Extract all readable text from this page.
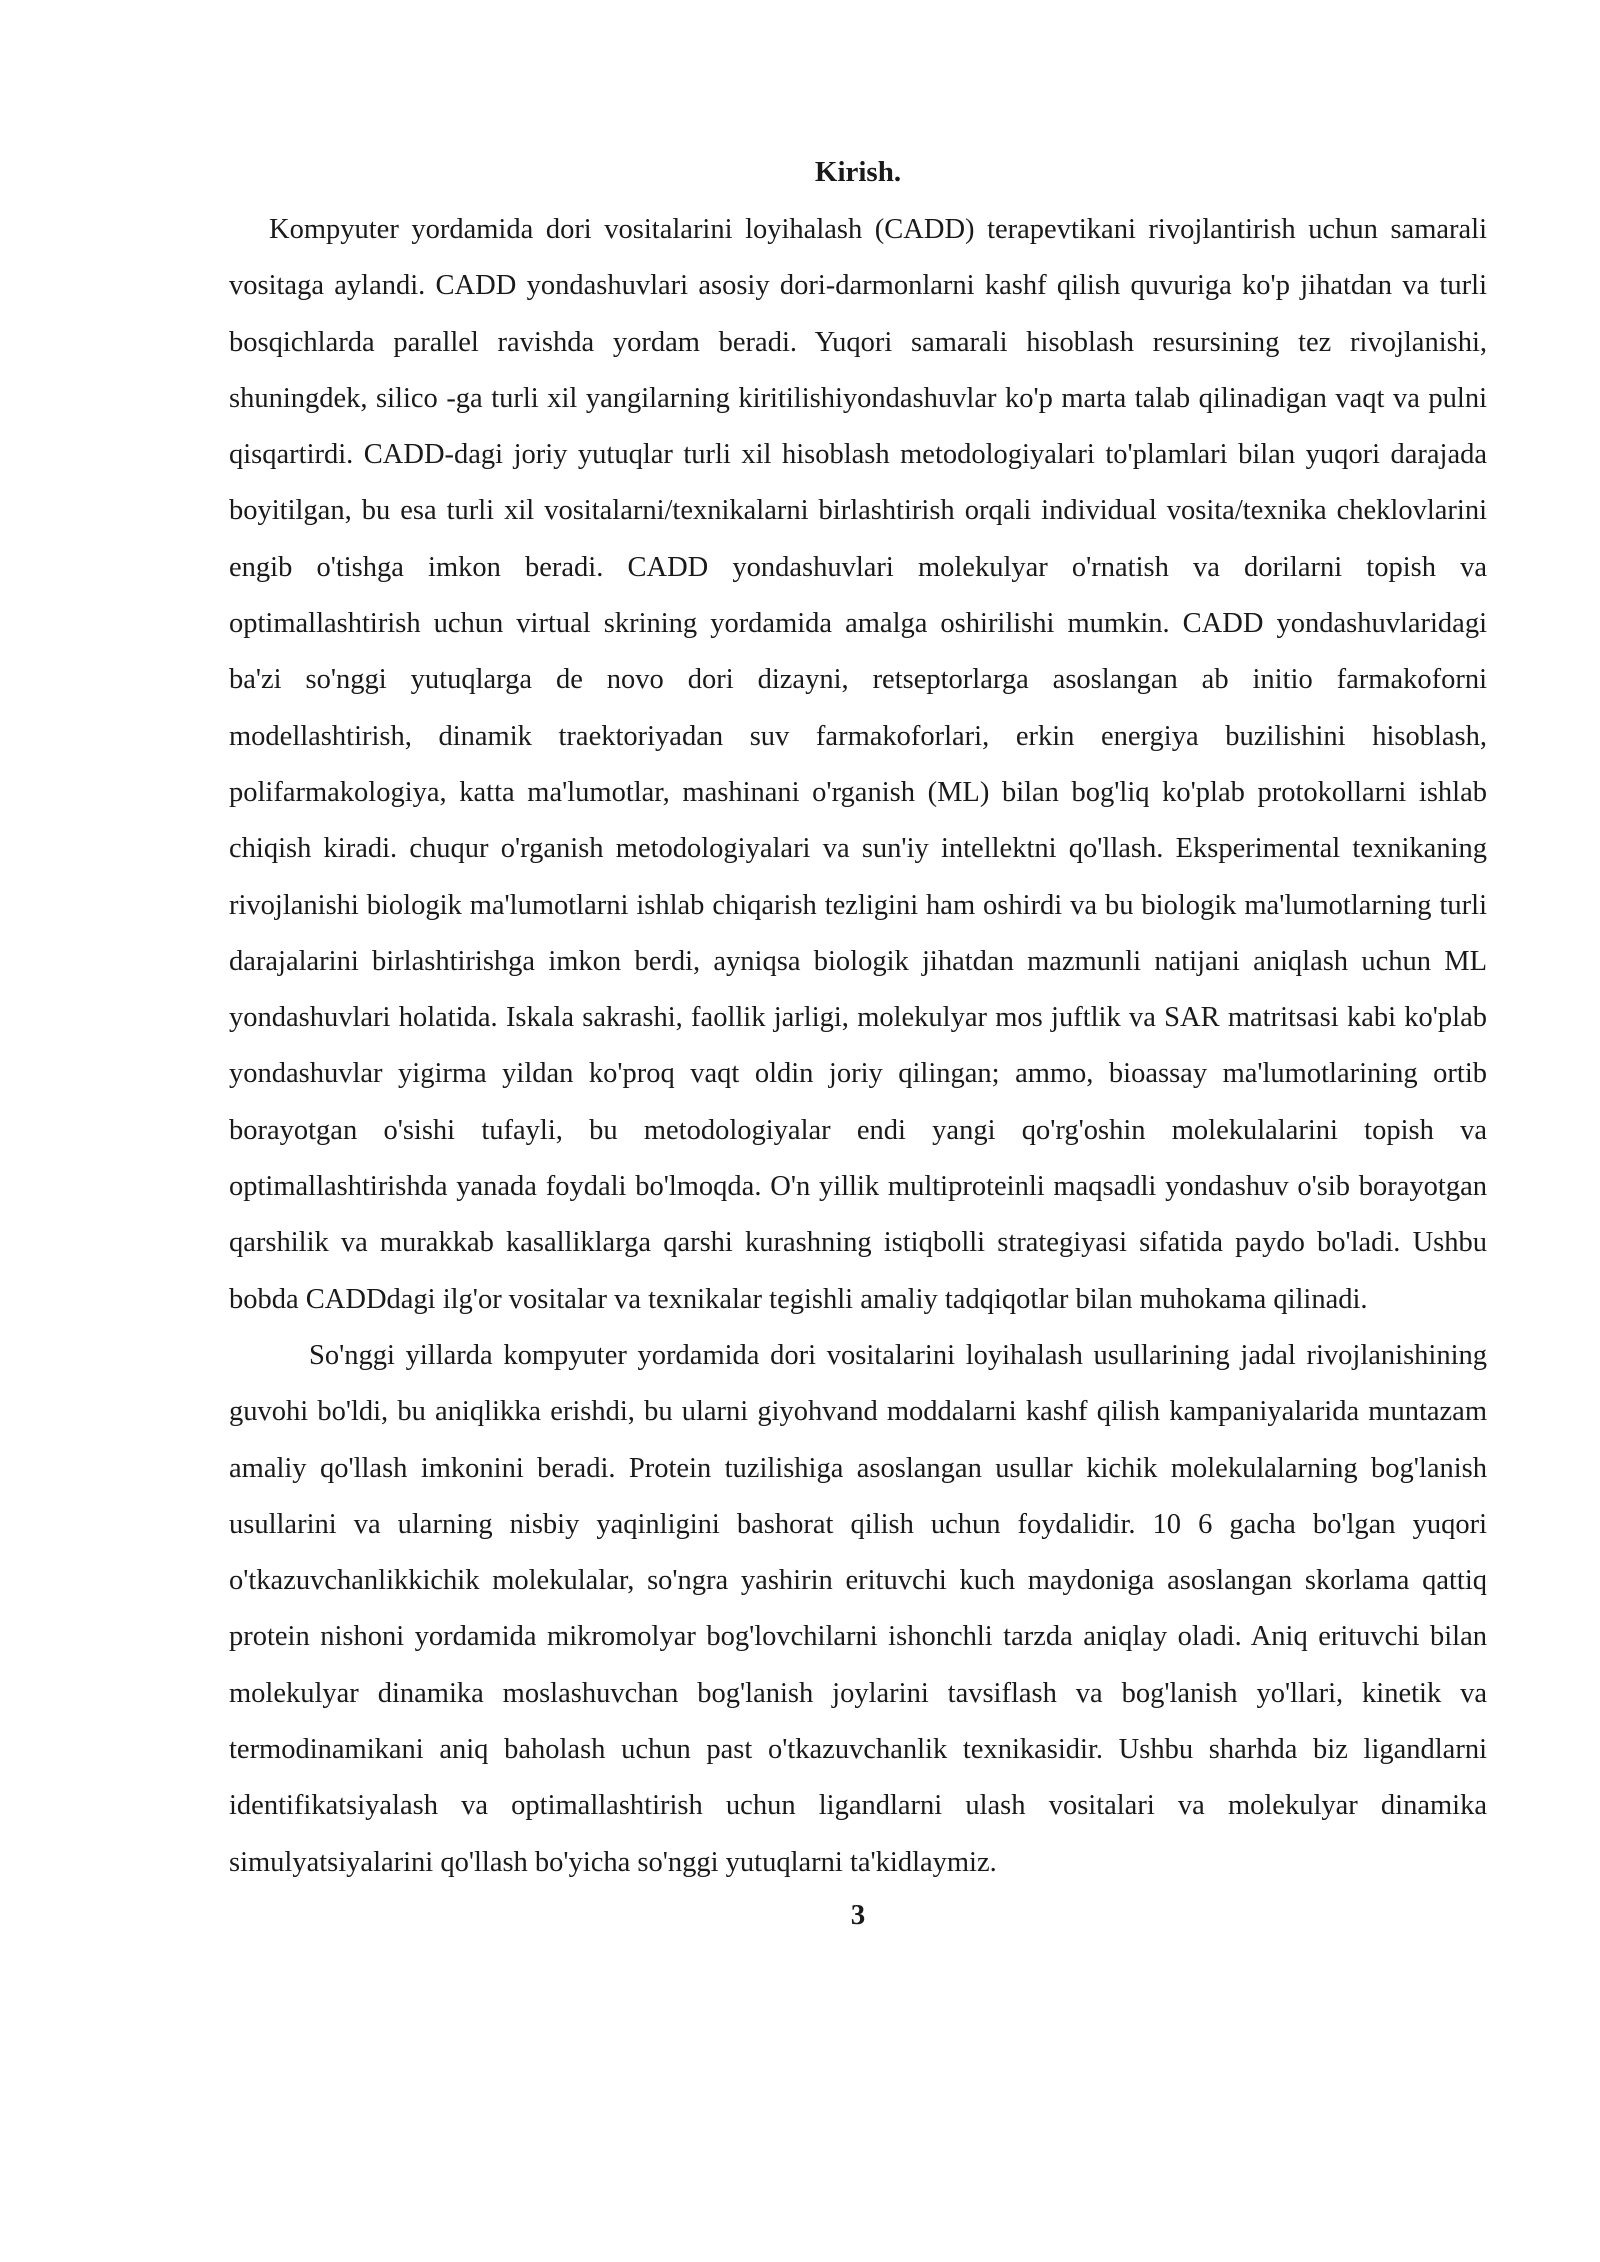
Kirish.

Kompyuter yordamida dori vositalarini loyihalash (CADD) terapevtikani rivojlantirish uchun samarali vositaga aylandi. CADD yondashuvlari asosiy dori-darmonlarni kashf qilish quvuriga ko'p jihatdan va turli bosqichlarda parallel ravishda yordam beradi. Yuqori samarali hisoblash resursining tez rivojlanishi, shuningdek, silico -ga turli xil yangilarning kiritilishiyondashuvlar ko'p marta talab qilinadigan vaqt va pulni qisqartirdi. CADD-dagi joriy yutuqlar turli xil hisoblash metodologiyalari to'plamlari bilan yuqori darajada boyitilgan, bu esa turli xil vositalarni/texnikalarni birlashtirish orqali individual vosita/texnika cheklovlarini engib o'tishga imkon beradi. CADD yondashuvlari molekulyar o'rnatish va dorilarni topish va optimallashtirish uchun virtual skrining yordamida amalga oshirilishi mumkin. CADD yondashuvlaridagi ba'zi so'nggi yutuqlarga de novo dori dizayni, retseptorlarga asoslangan ab initio farmakoforni modellashtirish, dinamik traektoriyadan suv farmakoforlari, erkin energiya buzilishini hisoblash, polifarmakologiya, katta ma'lumotlar, mashinani o'rganish (ML) bilan bog'liq ko'plab protokollarni ishlab chiqish kiradi. chuqur o'rganish metodologiyalari va sun'iy intellektni qo'llash. Eksperimental texnikaning rivojlanishi biologik ma'lumotlarni ishlab chiqarish tezligini ham oshirdi va bu biologik ma'lumotlarning turli darajalarini birlashtirishga imkon berdi, ayniqsa biologik jihatdan mazmunli natijani aniqlash uchun ML yondashuvlari holatida. Iskala sakrashi, faollik jarligi, molekulyar mos juftlik va SAR matritsasi kabi ko'plab yondashuvlar yigirma yildan ko'proq vaqt oldin joriy qilingan; ammo, bioassay ma'lumotlarining ortib borayotgan o'sishi tufayli, bu metodologiyalar endi yangi qo'rg'oshin molekulalarini topish va optimallashtirishda yanada foydali bo'lmoqda. O'n yillik multiproteinli maqsadli yondashuv o'sib borayotgan qarshilik va murakkab kasalliklarga qarshi kurashning istiqbolli strategiyasi sifatida paydo bo'ladi. Ushbu bobda CADDdagi ilg'or vositalar va texnikalar tegishli amaliy tadqiqotlar bilan muhokama qilinadi.

So'nggi yillarda kompyuter yordamida dori vositalarini loyihalash usullarining jadal rivojlanishining guvohi bo'ldi, bu aniqlikka erishdi, bu ularni giyohvand moddalarni kashf qilish kampaniyalarida muntazam amaliy qo'llash imkonini beradi. Protein tuzilishiga asoslangan usullar kichik molekulalarning bog'lanish usullarini va ularning nisbiy yaqinligini bashorat qilish uchun foydalidir. 10 6 gacha bo'lgan yuqori o'tkazuvchanlikkichik molekulalar, so'ngra yashirin erituvchi kuch maydoniga asoslangan skorlama qattiq protein nishoni yordamida mikromolyar bog'lovchilarni ishonchli tarzda aniqlay oladi. Aniq erituvchi bilan molekulyar dinamika moslashuvchan bog'lanish joylarini tavsiflash va bog'lanish yo'llari, kinetik va termodinamikani aniq baholash uchun past o'tkazuvchanlik texnikasidir. Ushbu sharhda biz ligandlarni identifikatsiyalash va optimallashtirish uchun ligandlarni ulash vositalari va molekulyar dinamika simulyatsiyalarini qo'llash bo'yicha so'nggi yutuqlarni ta'kidlaymiz.

3
